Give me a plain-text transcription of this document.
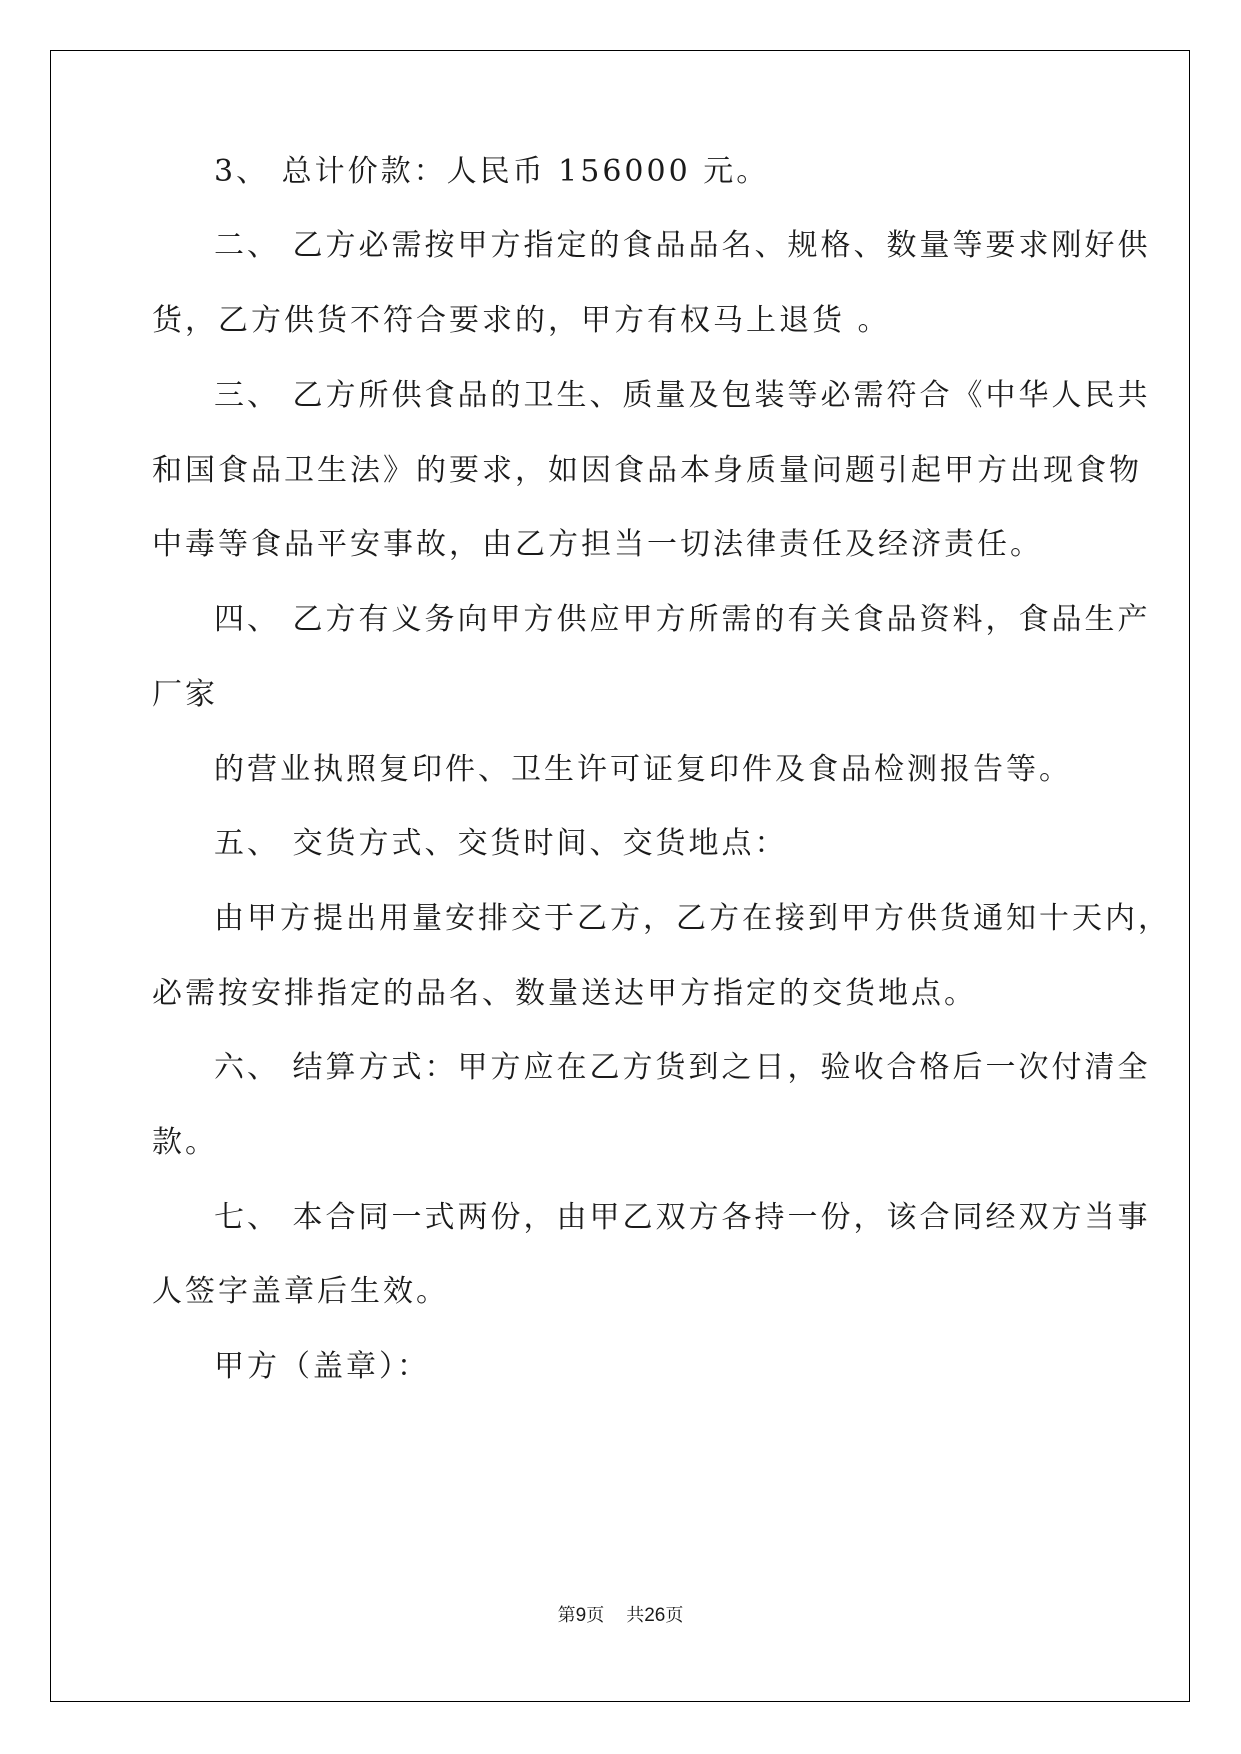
3、 总计价款：人民币 156000 元。
二、 乙方必需按甲方指定的食品品名、规格、数量等要求刚好供
货，乙方供货不符合要求的，甲方有权马上退货 。
三、 乙方所供食品的卫生、质量及包装等必需符合《中华人民共
和国食品卫生法》的要求，如因食品本身质量问题引起甲方出现食物
中毒等食品平安事故，由乙方担当一切法律责任及经济责任。
四、 乙方有义务向甲方供应甲方所需的有关食品资料，食品生产
厂家
的营业执照复印件、卫生许可证复印件及食品检测报告等。
五、 交货方式、交货时间、交货地点：
由甲方提出用量安排交于乙方，乙方在接到甲方供货通知十天内，
必需按安排指定的品名、数量送达甲方指定的交货地点。
六、 结算方式：甲方应在乙方货到之日，验收合格后一次付清全
款。
七、 本合同一式两份，由甲乙双方各持一份，该合同经双方当事
人签字盖章后生效。
甲方（盖章）：
第9页 共26页
